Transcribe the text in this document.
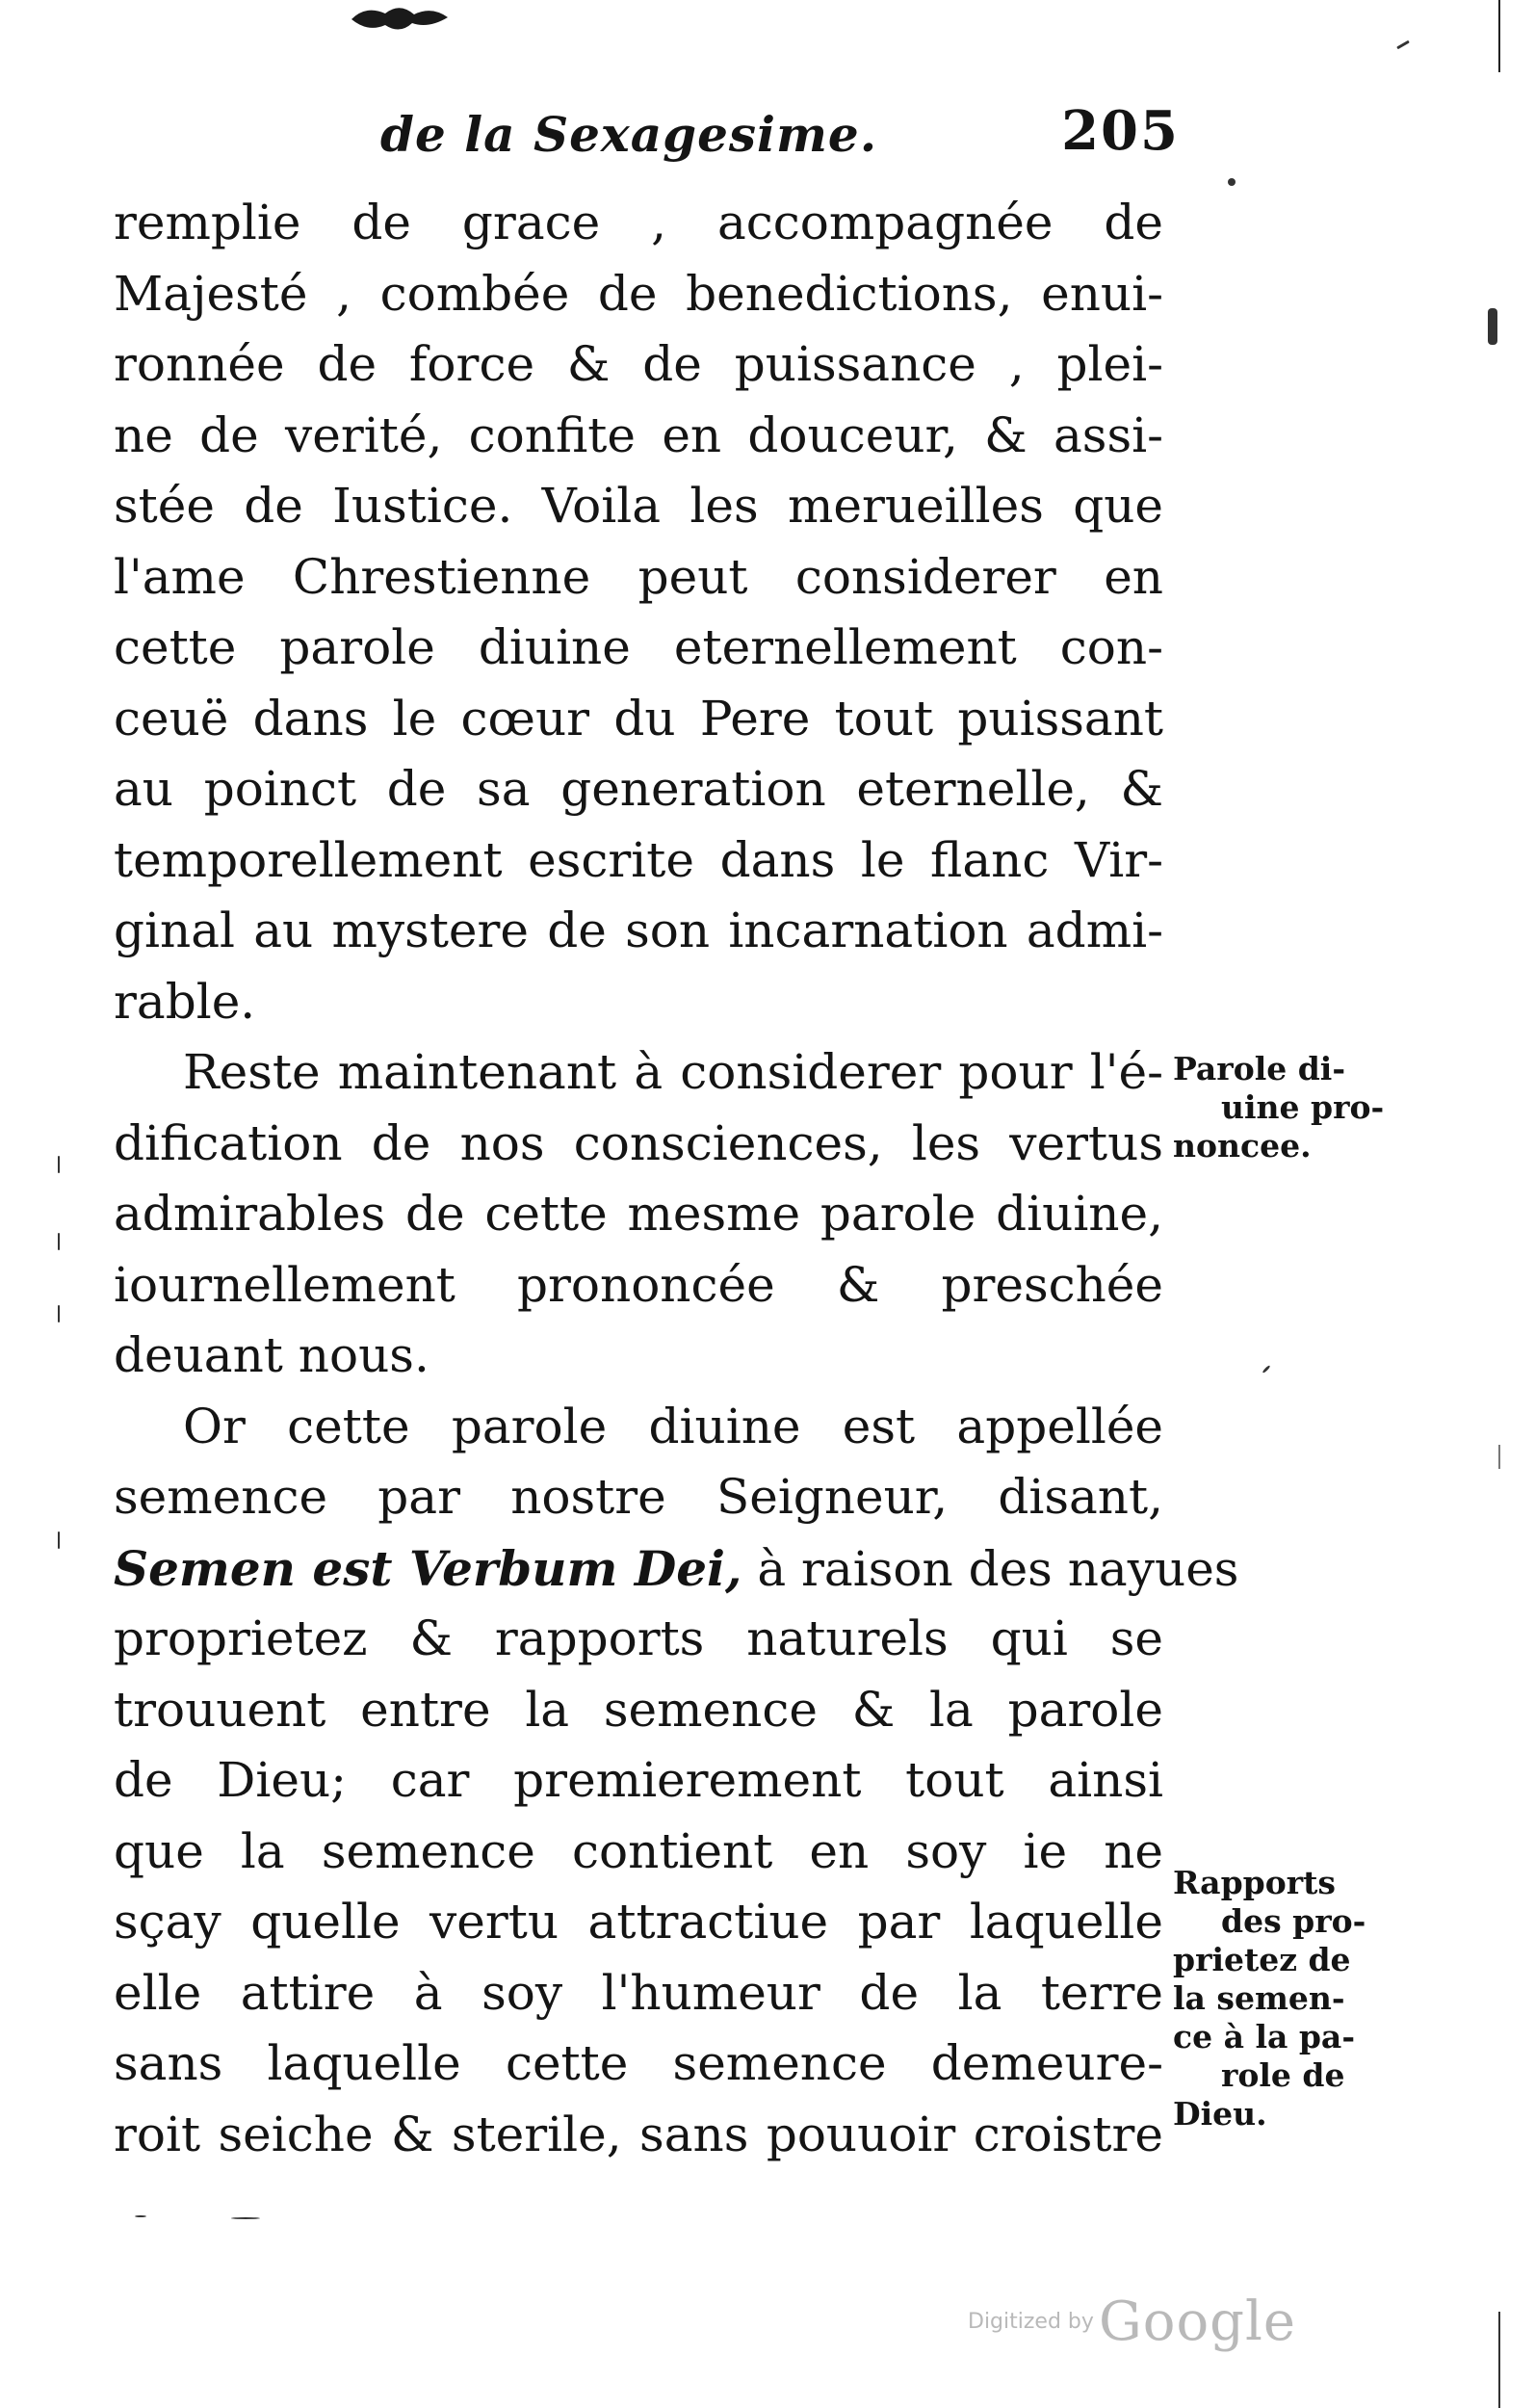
de la Sexagesime.	205
remplie de grace , accompagnée de
Majesté , combée de benedictions, enui-
ronnée de force & de puissance , plei-
ne de verité, confite en douceur, & assi-
stée de Iustice. Voila les merueilles que
l'ame Chrestienne peut considerer en
cette parole diuine eternellement con-
ceuë dans le cœur du Pere tout puissant
au poinct de sa generation eternelle, &
temporellement escrite dans le flanc Vir-
ginal au mystere de son incarnation admi-
rable.
Reste maintenant à considerer pour l'é-
dification de nos consciences, les vertus
admirables de cette mesme parole diuine,
iournellement prononcée & preschée
deuant nous.
Or cette parole diuine est appellée
semence par nostre Seigneur, disant,
Semen est Verbum Dei, à raison des nayues
proprietez & rapports naturels qui se
trouuent entre la semence & la parole
de Dieu; car premierement tout ainsi
que la semence contient en soy ie ne
sçay quelle vertu attractiue par laquelle
elle attire à soy l'humeur de la terre
sans laquelle cette semence demeure-
roit seiche & sterile, sans pouuoir croistre
Parole di-
uine pro-
noncee.
Rapports
des pro-
prietez de
la semen-
ce à la pa-
role de
Dieu.
Digitized by Google
